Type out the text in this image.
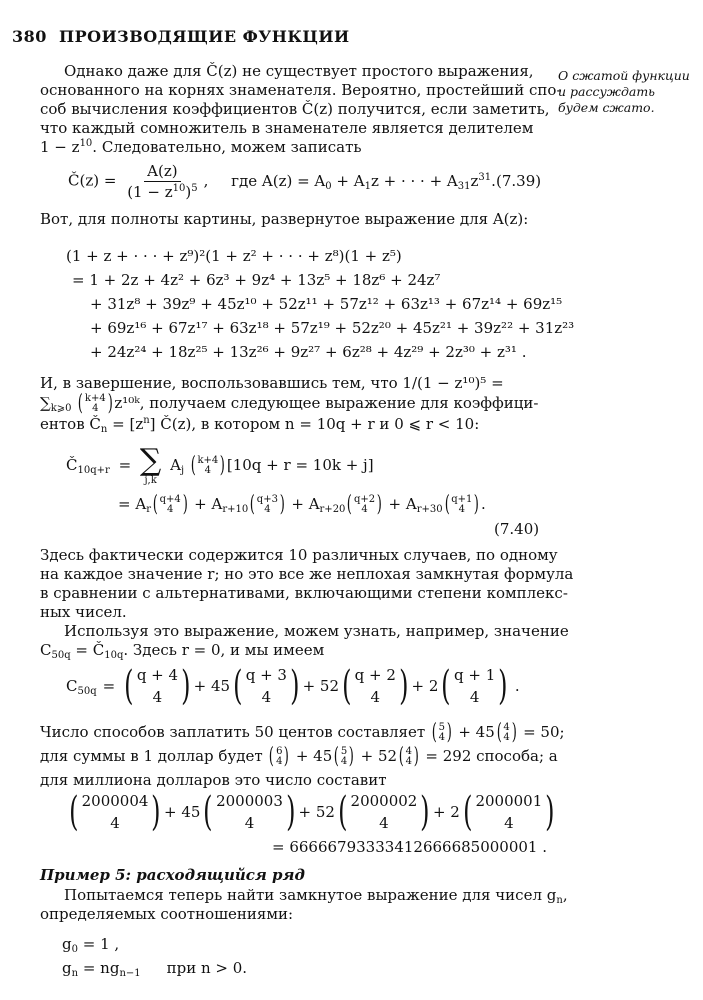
380 ПРОИЗВОДЯЩИЕ ФУНКЦИИ
О сжатой функции и рассуждать будем сжато.
Однако даже для Č(z) не существует простого выражения,
основанного на корнях знаменателя. Вероятно, простейший спо-
соб вычисления коэффициентов Č(z) получится, если заметить,
что каждый сомножитель в знаменателе является делителем
$1 - z^{10}$. Следовательно, можем записать
Č(z) = $\frac{A(z)}{(1 - z^{10})^5}$ , где $A(z) = A_0 + A_1z$ + · · · + $A_{31}z^{31}$. (7.39)
Вот, для полноты картины, развернутое выражение для A(z):
(1 + z + · · · + z⁹)²(1 + z² + · · · + z⁸)(1 + z⁵)
= 1 + 2z + 4z² + 6z³ + 9z⁴ + 13z⁵ + 18z⁶ + 24z⁷
+ 31z⁸ + 39z⁹ + 45z¹⁰ + 52z¹¹ + 57z¹² + 63z¹³ + 67z¹⁴ + 69z¹⁵
+ 69z¹⁶ + 67z¹⁷ + 63z¹⁸ + 57z¹⁹ + 52z²⁰ + 45z²¹ + 39z²² + 31z²³
+ 24z²⁴ + 18z²⁵ + 13z²⁶ + 9z²⁷ + 6z²⁸ + 4z²⁹ + 2z³⁰ + z³¹ .
И, в завершение, воспользовавшись тем, что 1/(1 − z¹⁰)⁵ =
$\sum_{k⩾0}$ ( k+4
4 ) z¹⁰ᵏ, получаем следующее выражение для коэффици-
ентов $Č_n = [z^n]$ Č(z), в котором n = 10q + r и 0 ⩽ r < 10:
$Č_{10q+r}$ = ∑
j,k
$A_j$ ( k+4
4 ) [10q + r = 10k + j]
= $A_r$ ( q+4
4 ) + $A_{r+10}$ ( q+3
4 ) + $A_{r+20}$ ( q+2
4 ) + $A_{r+30}$ ( q+1
4 ) .
(7.40)
Здесь фактически содержится 10 различных случаев, по одному
на каждое значение r; но это все же неплохая замкнутая формула
в сравнении с альтернативами, включающими степени комплекс-
ных чисел.
Используя это выражение, можем узнать, например, значение
$C_{50q}$ = $Č_{10q}$. Здесь r = 0, и мы имеем
$C_{50q}$ = ( q + 4
4 ) + 45 ( q + 3
4 ) + 52 ( q + 2
4 ) + 2 ( q + 1
4 ) .
Число способов заплатить 50 центов составляет ( 5
4 ) + 45 ( 4
4 ) = 50;
для суммы в 1 доллар будет ( 6
4 ) + 45 ( 5
4 ) + 52 ( 4
4 ) = 292 способа; а
для миллиона долларов это число составит
( 2000004
4 ) + 45 ( 2000003
4 ) + 52 ( 2000002
4 ) + 2 ( 2000001
4 )
= 66666793333412666685000001 .
Пример 5: расходящийся ряд
Попытаемся теперь найти замкнутое выражение для чисел $g_n$,
определяемых соотношениями:
$g_0 = 1$ ,
$g_n = ng_{n-1}$ при n > 0.
